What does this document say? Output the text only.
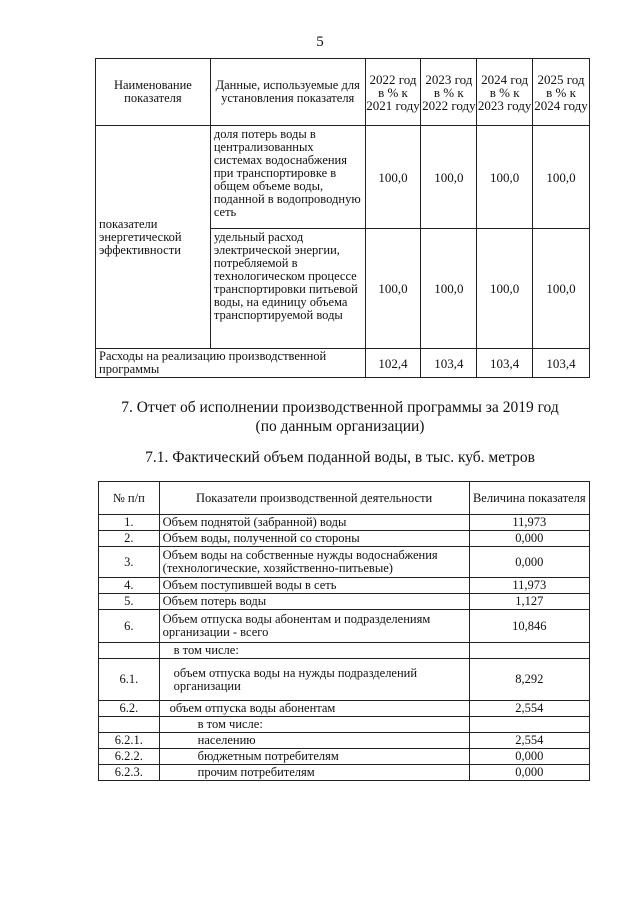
5
Наименование показателя	Данные, используемые для установления показателя	2022 год в % к 2021 году	2023 год в % к 2022 году	2024 год в % к 2023 году	2025 год в % к 2024 году
показатели энергетической эффективности	доля потерь воды в централизованных системах водоснабжения при транспортировке в общем объеме воды, поданной в водопроводную сеть	100,0	100,0	100,0	100,0
	удельный расход электрической энергии, потребляемой в технологическом процессе транспортировки питьевой воды, на единицу объема транспортируемой воды	100,0	100,0	100,0	100,0
Расходы на реализацию производственной программы		102,4	103,4	103,4	103,4
7. Отчет об исполнении производственной программы за 2019 год
(по данным организации)
7.1. Фактический объем поданной воды, в тыс. куб. метров
№ п/п	Показатели производственной деятельности	Величина показателя
1.	Объем поднятой (забранной) воды	11,973
2.	Объем воды, полученной со стороны	0,000
3.	Объем воды на собственные нужды водоснабжения (технологические, хозяйственно-питьевые)	0,000
4.	Объем поступившей воды в сеть	11,973
5.	Объем потерь воды	1,127
6.	Объем отпуска воды абонентам и подразделениям организации - всего	10,846
	в том числе:	
6.1.	объем отпуска воды на нужды подразделений организации	8,292
6.2.	объем отпуска воды абонентам	2,554
	в том числе:	
6.2.1.	населению	2,554
6.2.2.	бюджетным потребителям	0,000
6.2.3.	прочим потребителям	0,000
